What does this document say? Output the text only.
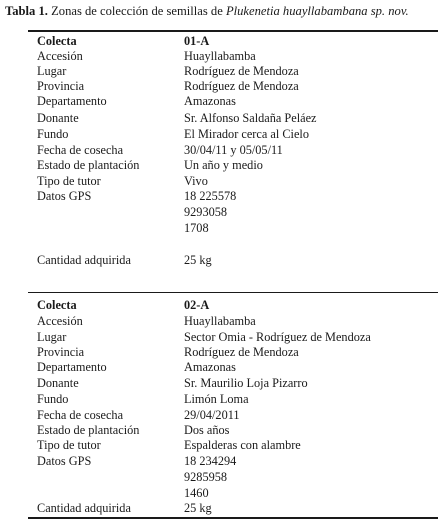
Tabla 1. Zonas de colección de semillas de Plukenetia huayllabambana sp. nov.
Colecta	01-A
Accesión	Huayllabamba
Lugar	Rodríguez de Mendoza
Provincia	Rodríguez de Mendoza
Departamento	Amazonas
Donante	Sr. Alfonso Saldaña Peláez
Fundo	El Mirador cerca al Cielo
Fecha de cosecha	30/04/11 y 05/05/11
Estado de plantación	Un año y medio
Tipo de tutor	Vivo
Datos GPS	18 225578
9293058
1708
Cantidad adquirida	25 kg
Colecta	02-A
Accesión	Huayllabamba
Lugar	Sector Omia - Rodríguez de Mendoza
Provincia	Rodríguez de Mendoza
Departamento	Amazonas
Donante	Sr. Maurilio Loja Pizarro
Fundo	Limón Loma
Fecha de cosecha	29/04/2011
Estado de plantación	Dos años
Tipo de tutor	Espalderas con alambre
Datos GPS	18 234294
9285958
1460
Cantidad adquirida	25 kg
